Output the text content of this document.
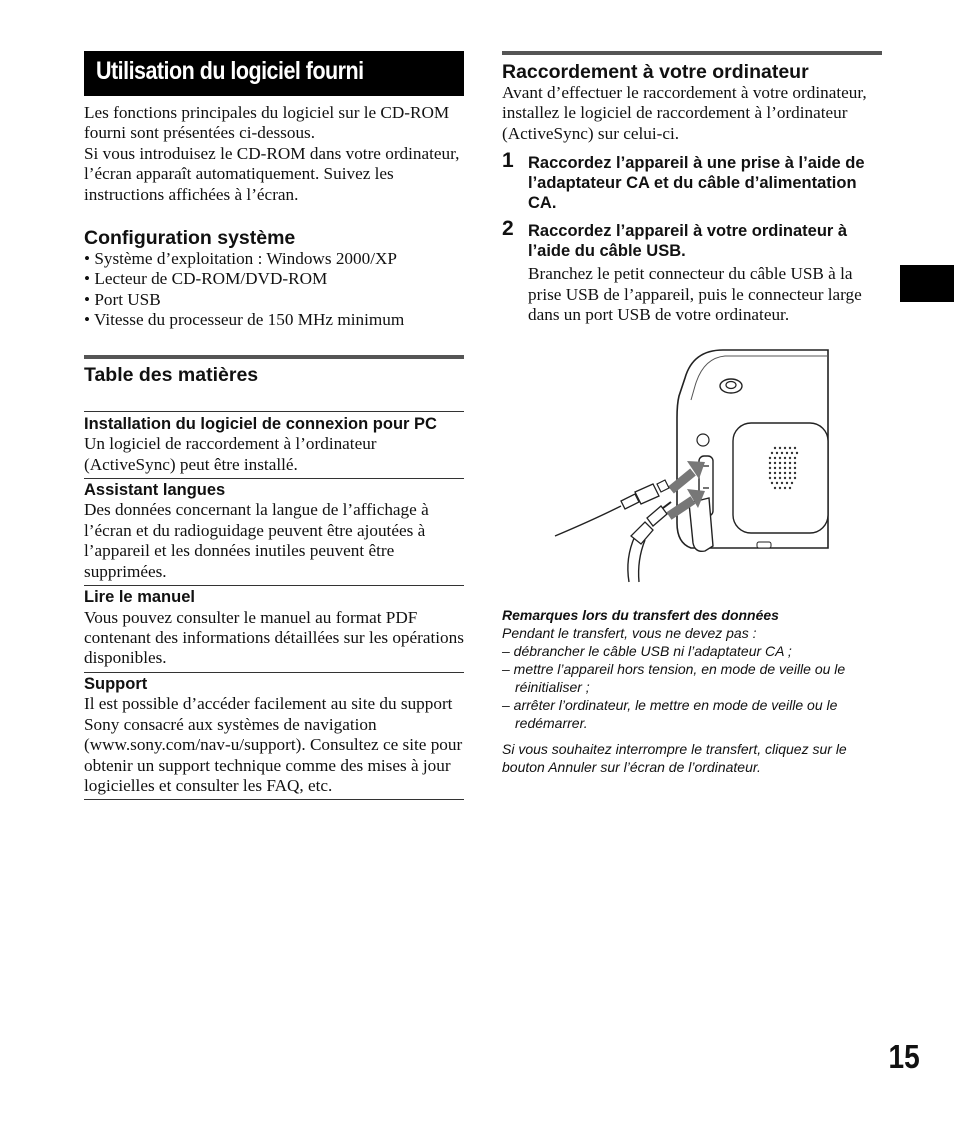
Utilisation du logiciel fourni
Les fonctions principales du logiciel sur le CD-ROM fourni sont présentées ci-dessous.
Si vous introduisez le CD-ROM dans votre ordinateur, l’écran apparaît automatiquement. Suivez les instructions affichées à l’écran.
Configuration système
• Système d’exploitation : Windows 2000/XP
• Lecteur de CD-ROM/DVD-ROM
• Port USB
• Vitesse du processeur de 150 MHz minimum
Table des matières
Installation du logiciel de connexion pour PC
Un logiciel de raccordement à l’ordinateur (ActiveSync) peut être installé.
Assistant langues
Des données concernant la langue de l’affichage à l’écran et du radioguidage peuvent être ajoutées à l’appareil et les données inutiles peuvent être supprimées.
Lire le manuel
Vous pouvez consulter le manuel au format PDF contenant des informations détaillées sur les opérations disponibles.
Support
Il est possible d’accéder facilement au site du support Sony consacré aux systèmes de navigation (www.sony.com/nav-u/support). Consultez ce site pour obtenir un support technique comme des mises à jour logicielles et consulter les FAQ, etc.
Raccordement à votre ordinateur
Avant d’effectuer le raccordement à votre ordinateur, installez le logiciel de raccordement à l’ordinateur (ActiveSync) sur celui-ci.
1 Raccordez l’appareil à une prise à l’aide de l’adaptateur CA et du câble d’alimentation CA.
2 Raccordez l’appareil à votre ordinateur à l’aide du câble USB.
Branchez le petit connecteur du câble USB à la prise USB de l’appareil, puis le connecteur large dans un port USB de votre ordinateur.
Remarques lors du transfert des données
Pendant le transfert, vous ne devez pas :
– débrancher le câble USB ni l’adaptateur CA ;
– mettre l’appareil hors tension, en mode de veille ou le réinitialiser ;
– arrêter l’ordinateur, le mettre en mode de veille ou le redémarrer.
Si vous souhaitez interrompre le transfert, cliquez sur le bouton Annuler sur l’écran de l’ordinateur.
15
